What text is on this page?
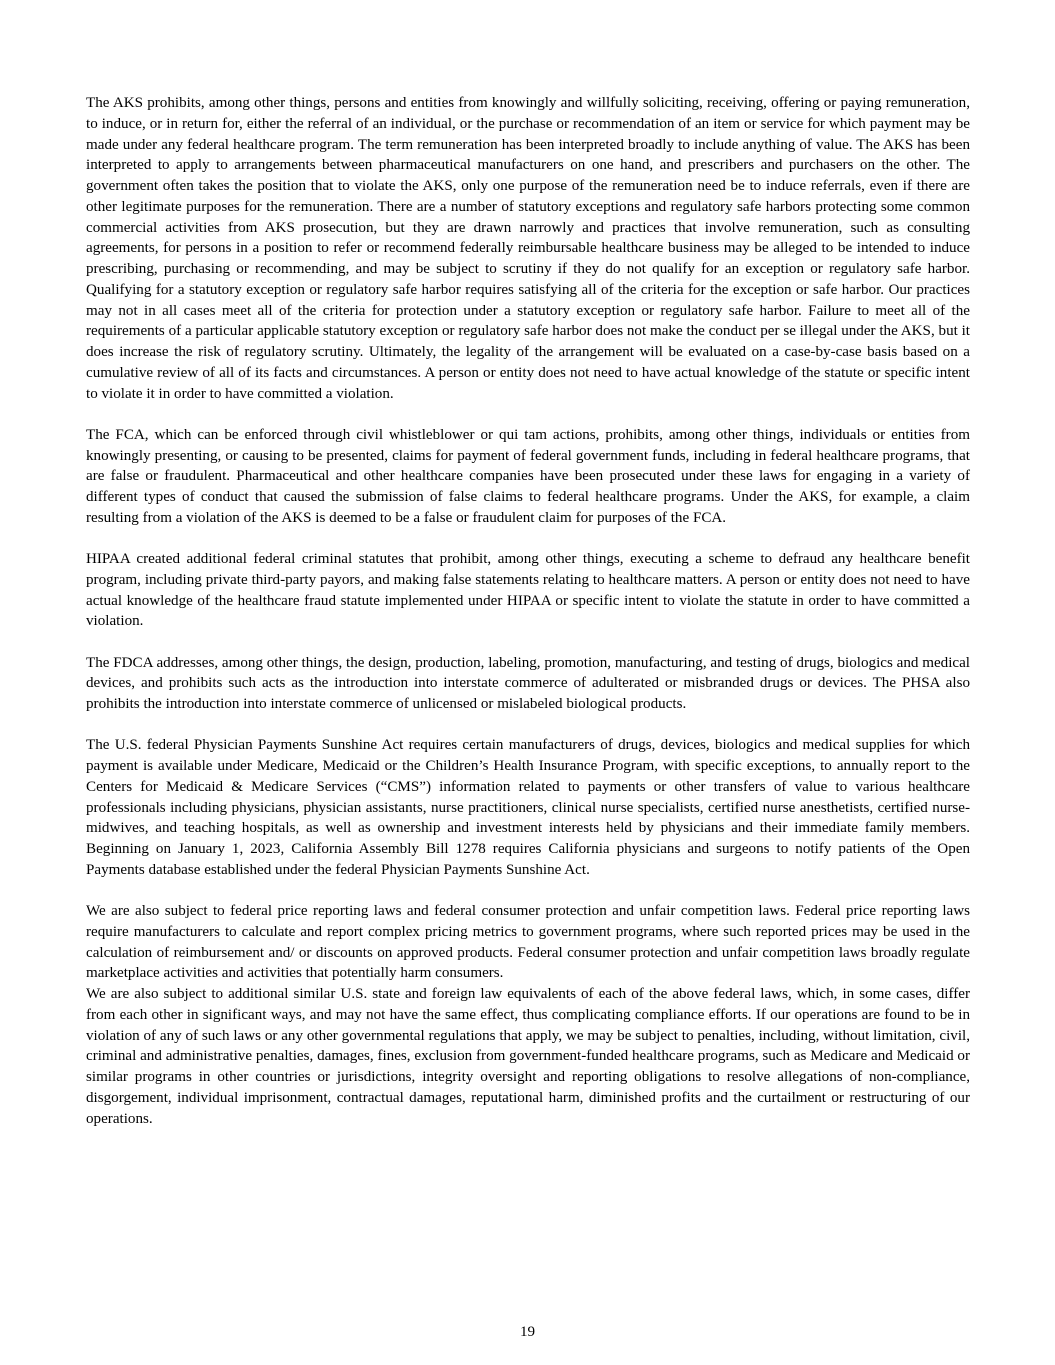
The AKS prohibits, among other things, persons and entities from knowingly and willfully soliciting, receiving, offering or paying remuneration, to induce, or in return for, either the referral of an individual, or the purchase or recommendation of an item or service for which payment may be made under any federal healthcare program. The term remuneration has been interpreted broadly to include anything of value. The AKS has been interpreted to apply to arrangements between pharmaceutical manufacturers on one hand, and prescribers and purchasers on the other. The government often takes the position that to violate the AKS, only one purpose of the remuneration need be to induce referrals, even if there are other legitimate purposes for the remuneration. There are a number of statutory exceptions and regulatory safe harbors protecting some common commercial activities from AKS prosecution, but they are drawn narrowly and practices that involve remuneration, such as consulting agreements, for persons in a position to refer or recommend federally reimbursable healthcare business may be alleged to be intended to induce prescribing, purchasing or recommending, and may be subject to scrutiny if they do not qualify for an exception or regulatory safe harbor. Qualifying for a statutory exception or regulatory safe harbor requires satisfying all of the criteria for the exception or safe harbor. Our practices may not in all cases meet all of the criteria for protection under a statutory exception or regulatory safe harbor. Failure to meet all of the requirements of a particular applicable statutory exception or regulatory safe harbor does not make the conduct per se illegal under the AKS, but it does increase the risk of regulatory scrutiny. Ultimately, the legality of the arrangement will be evaluated on a case-by-case basis based on a cumulative review of all of its facts and circumstances. A person or entity does not need to have actual knowledge of the statute or specific intent to violate it in order to have committed a violation.

The FCA, which can be enforced through civil whistleblower or qui tam actions, prohibits, among other things, individuals or entities from knowingly presenting, or causing to be presented, claims for payment of federal government funds, including in federal healthcare programs, that are false or fraudulent. Pharmaceutical and other healthcare companies have been prosecuted under these laws for engaging in a variety of different types of conduct that caused the submission of false claims to federal healthcare programs. Under the AKS, for example, a claim resulting from a violation of the AKS is deemed to be a false or fraudulent claim for purposes of the FCA.

HIPAA created additional federal criminal statutes that prohibit, among other things, executing a scheme to defraud any healthcare benefit program, including private third-party payors, and making false statements relating to healthcare matters. A person or entity does not need to have actual knowledge of the healthcare fraud statute implemented under HIPAA or specific intent to violate the statute in order to have committed a violation.

The FDCA addresses, among other things, the design, production, labeling, promotion, manufacturing, and testing of drugs, biologics and medical devices, and prohibits such acts as the introduction into interstate commerce of adulterated or misbranded drugs or devices. The PHSA also prohibits the introduction into interstate commerce of unlicensed or mislabeled biological products.

The U.S. federal Physician Payments Sunshine Act requires certain manufacturers of drugs, devices, biologics and medical supplies for which payment is available under Medicare, Medicaid or the Children’s Health Insurance Program, with specific exceptions, to annually report to the Centers for Medicaid & Medicare Services (“CMS”) information related to payments or other transfers of value to various healthcare professionals including physicians, physician assistants, nurse practitioners, clinical nurse specialists, certified nurse anesthetists, certified nurse-midwives, and teaching hospitals, as well as ownership and investment interests held by physicians and their immediate family members. Beginning on January 1, 2023, California Assembly Bill 1278 requires California physicians and surgeons to notify patients of the Open Payments database established under the federal Physician Payments Sunshine Act.

We are also subject to federal price reporting laws and federal consumer protection and unfair competition laws. Federal price reporting laws require manufacturers to calculate and report complex pricing metrics to government programs, where such reported prices may be used in the calculation of reimbursement and/ or discounts on approved products. Federal consumer protection and unfair competition laws broadly regulate marketplace activities and activities that potentially harm consumers.

We are also subject to additional similar U.S. state and foreign law equivalents of each of the above federal laws, which, in some cases, differ from each other in significant ways, and may not have the same effect, thus complicating compliance efforts. If our operations are found to be in violation of any of such laws or any other governmental regulations that apply, we may be subject to penalties, including, without limitation, civil, criminal and administrative penalties, damages, fines, exclusion from government-funded healthcare programs, such as Medicare and Medicaid or similar programs in other countries or jurisdictions, integrity oversight and reporting obligations to resolve allegations of non-compliance, disgorgement, individual imprisonment, contractual damages, reputational harm, diminished profits and the curtailment or restructuring of our operations.

19
